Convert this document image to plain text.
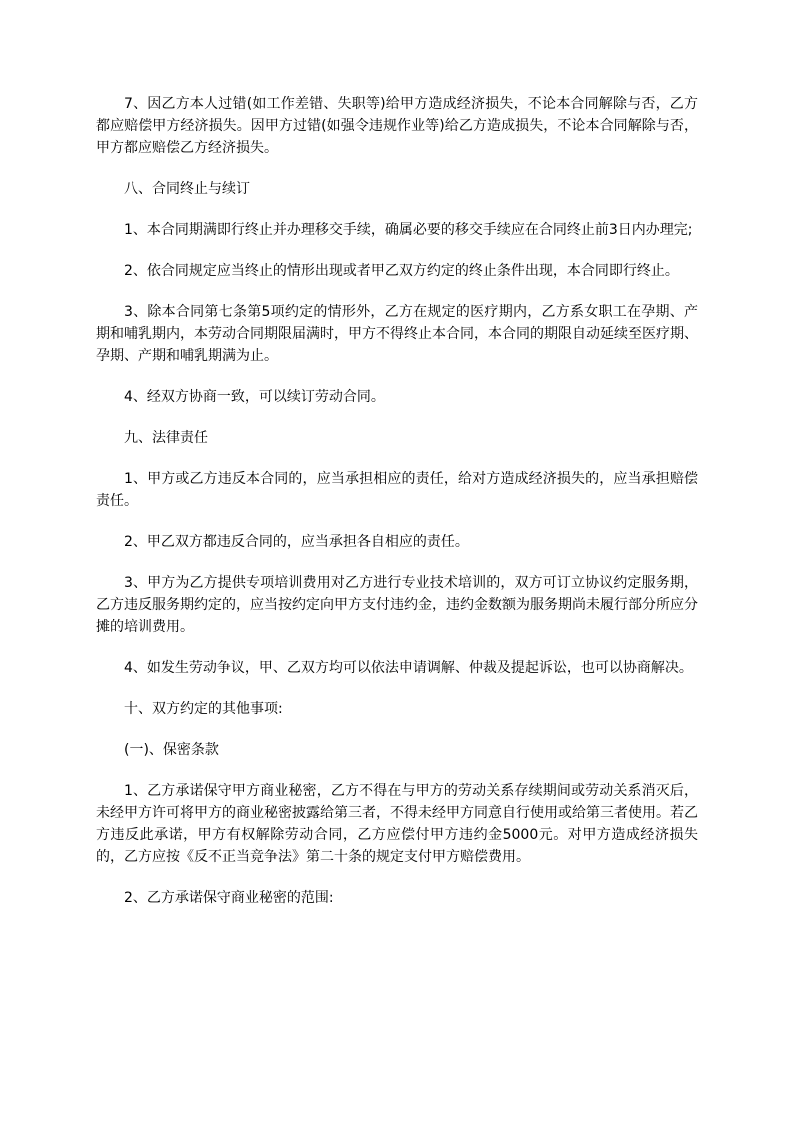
7、因乙方本人过错(如工作差错、失职等)给甲方造成经济损失，不论本合同解除与否，乙方都应赔偿甲方经济损失。因甲方过错(如强令违规作业等)给乙方造成损失，不论本合同解除与否，甲方都应赔偿乙方经济损失。

八、合同终止与续订

1、本合同期满即行终止并办理移交手续，确属必要的移交手续应在合同终止前3日内办理完;

2、依合同规定应当终止的情形出现或者甲乙双方约定的终止条件出现，本合同即行终止。

3、除本合同第七条第5项约定的情形外，乙方在规定的医疗期内，乙方系女职工在孕期、产期和哺乳期内，本劳动合同期限届满时，甲方不得终止本合同，本合同的期限自动延续至医疗期、孕期、产期和哺乳期满为止。

4、经双方协商一致，可以续订劳动合同。

九、法律责任

1、甲方或乙方违反本合同的，应当承担相应的责任，给对方造成经济损失的，应当承担赔偿责任。

2、甲乙双方都违反合同的，应当承担各自相应的责任。

3、甲方为乙方提供专项培训费用对乙方进行专业技术培训的，双方可订立协议约定服务期，乙方违反服务期约定的，应当按约定向甲方支付违约金，违约金数额为服务期尚未履行部分所应分摊的培训费用。

4、如发生劳动争议，甲、乙双方均可以依法申请调解、仲裁及提起诉讼，也可以协商解决。

十、双方约定的其他事项:

(一)、保密条款

1、乙方承诺保守甲方商业秘密，乙方不得在与甲方的劳动关系存续期间或劳动关系消灭后，未经甲方许可将甲方的商业秘密披露给第三者，不得未经甲方同意自行使用或给第三者使用。若乙方违反此承诺，甲方有权解除劳动合同，乙方应偿付甲方违约金5000元。对甲方造成经济损失的，乙方应按《反不正当竞争法》第二十条的规定支付甲方赔偿费用。

2、乙方承诺保守商业秘密的范围:
